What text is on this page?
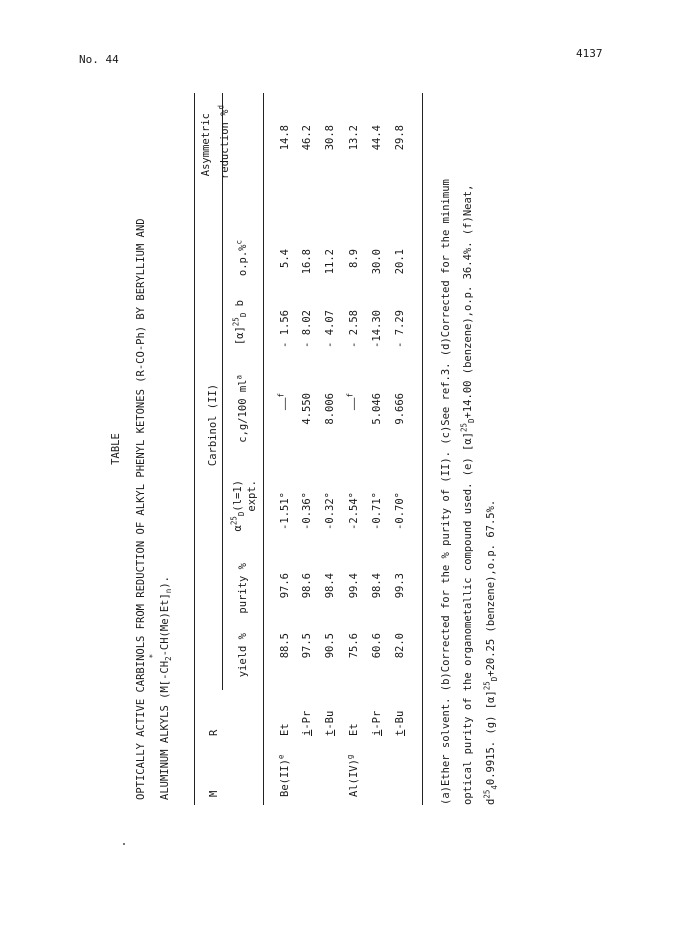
No. 44	4137
TABLE OPTICALLY ACTIVE CARBINOLS FROM REDUCTION OF ALKYL PHENYL KETONES (R-CO-Ph) BY BERYLLIUM AND ALUMINUM ALKYLS ($M[-CH_2$
* $-CH(Me)Et]_n$).
M
R
Carbinol (II)
Asymmetric
yield %
purity %
$\alpha^{25}_D(l=1)$ expt.
c,g/100 $ml^a$
$[\alpha]^{25}_D$ b
o.p.%$^c$
reduction %$^d$
Be(II)$^e$
Et
88.5
97.6
-1.51°
——$^f$
- 1.56
5.4
14.8
i-Pr
97.5
98.6
-0.36°
4.550
- 8.02
16.8
46.2
t-Bu
90.5
98.4
-0.32°
8.006
- 4.07
11.2
30.8
Al(IV)$^g$
Et
75.6
99.4
-2.54°
——$^f$
- 2.58
8.9
13.2
i-Pr
60.6
98.4
-0.71°
5.046
-14.30
30.0
44.4
t-Bu
82.0
99.3
-0.70°
9.666
- 7.29
20.1
29.8
(a)Ether solvent. (b)Corrected for the % purity of (II). (c)See ref.3. (d)Corrected for the minimum optical purity of the organometallic compound used. (e) $[\alpha]^{25}_D+14.00$ (benzene),o.p. 36.4%. (f)Neat,
$d^{25}_40.9915$. (g) $[\alpha]^{25}_D+20.25$ (benzene),o.p. 67.5%.
